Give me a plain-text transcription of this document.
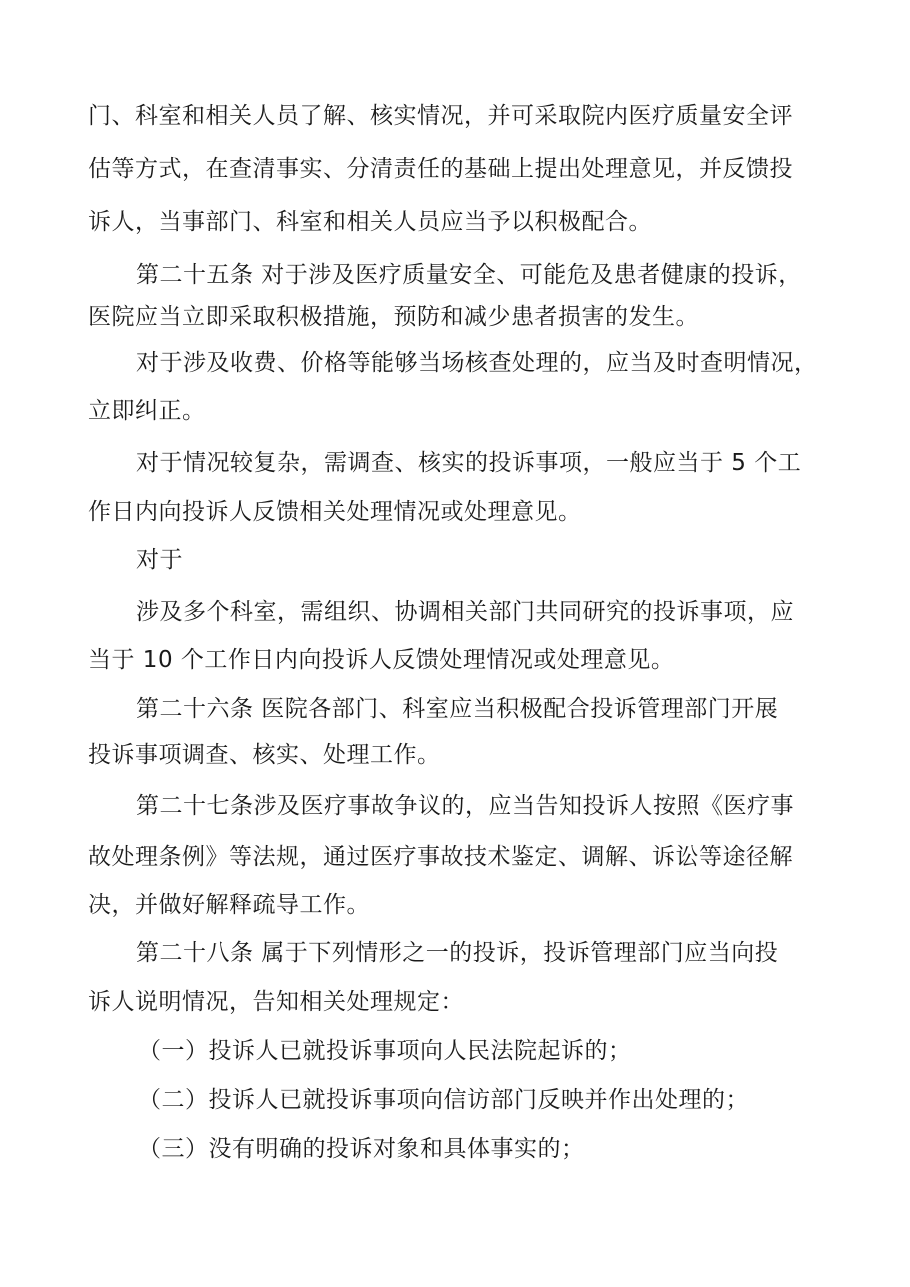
门、科室和相关人员了解、核实情况，并可采取院内医疗质量安全评
估等方式，在查清事实、分清责任的基础上提出处理意见，并反馈投
诉人，当事部门、科室和相关人员应当予以积极配合。
第二十五条 对于涉及医疗质量安全、可能危及患者健康的投诉，
医院应当立即采取积极措施，预防和减少患者损害的发生。
对于涉及收费、价格等能够当场核查处理的，应当及时查明情况，
立即纠正。
对于情况较复杂，需调查、核实的投诉事项，一般应当于 5 个工
作日内向投诉人反馈相关处理情况或处理意见。
对于
涉及多个科室，需组织、协调相关部门共同研究的投诉事项，应
当于 10 个工作日内向投诉人反馈处理情况或处理意见。
第二十六条 医院各部门、科室应当积极配合投诉管理部门开展
投诉事项调查、核实、处理工作。
第二十七条涉及医疗事故争议的，应当告知投诉人按照《医疗事
故处理条例》等法规，通过医疗事故技术鉴定、调解、诉讼等途径解
决，并做好解释疏导工作。
第二十八条 属于下列情形之一的投诉，投诉管理部门应当向投
诉人说明情况，告知相关处理规定：
（一）投诉人已就投诉事项向人民法院起诉的；
（二）投诉人已就投诉事项向信访部门反映并作出处理的；
（三）没有明确的投诉对象和具体事实的；
